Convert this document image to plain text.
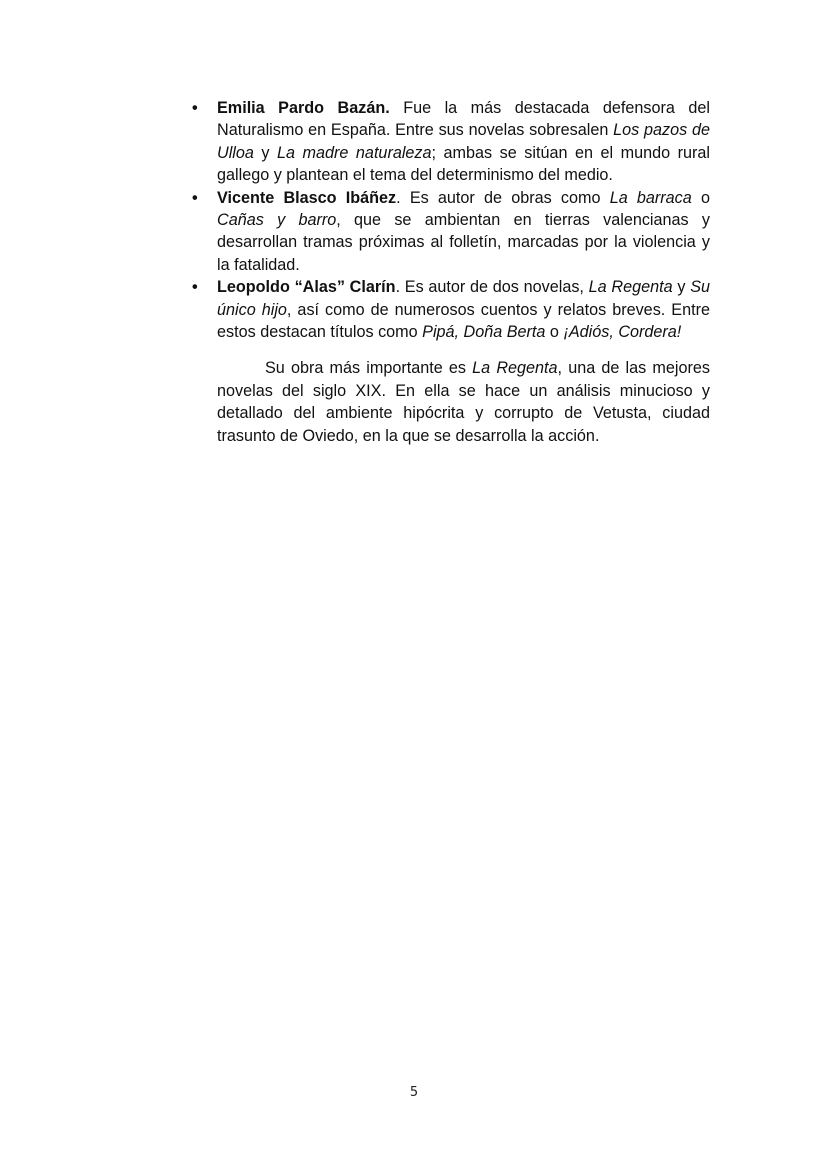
• Emilia Pardo Bazán. Fue la más destacada defensora del Naturalismo en España. Entre sus novelas sobresalen Los pazos de Ulloa y La madre naturaleza; ambas se sitúan en el mundo rural gallego y plantean el tema del determinismo del medio.
• Vicente Blasco Ibáñez. Es autor de obras como La barraca o Cañas y barro, que se ambientan en tierras valencianas y desarrollan tramas próximas al folletín, marcadas por la violencia y la fatalidad.
• Leopoldo “Alas” Clarín. Es autor de dos novelas, La Regenta y Su único hijo, así como de numerosos cuentos y relatos breves. Entre estos destacan títulos como Pipá, Doña Berta o ¡Adiós, Cordera!

Su obra más importante es La Regenta, una de las mejores novelas del siglo XIX. En ella se hace un análisis minucioso y detallado del ambiente hipócrita y corrupto de Vetusta, ciudad trasunto de Oviedo, en la que se desarrolla la acción.

5
